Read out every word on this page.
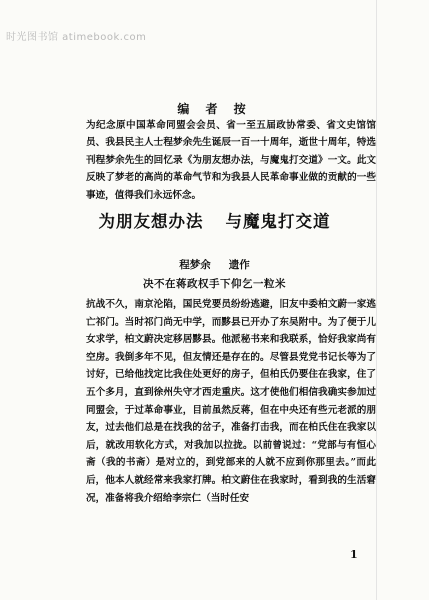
时光图书馆 atimebook.com
编 者 按

为纪念原中国革命同盟会会员、省一至五届政协常委、省文史馆馆员、我县民主人士程梦余先生诞辰一百一十周年，逝世十周年，特选刊程梦余先生的回忆录《为朋友想办法，与魔鬼打交道》一文。此文反映了梦老的高尚的革命气节和为我县人民革命事业做的贡献的一些事迹，值得我们永远怀念。

为朋友想办法 与魔鬼打交道
程梦余 遗作
决不在蒋政权手下仰乞一粒米

抗战不久，南京沦陷，国民党要员纷纷逃避，旧友中委柏文蔚一家逃亡祁门。当时祁门尚无中学，而黟县已开办了东吴附中。为了便于儿女求学，柏文蔚决定移居黟县。他派秘书来和我联系，恰好我家尚有空房。我倒多年不见，但友情还是存在的。尽管县党党书记长等为了讨好，已给他找定比我住处更好的房子，但柏氏仍要住在我家，住了五个多月，直到徐州失守才西走重庆。这才使他们相信我确实参加过同盟会，于过革命事业，目前虽然反蒋，但在中央还有些元老派的朋友，过去他们总是在找我的岔子，准备打击我，而在柏氏住在我家以后，就改用软化方式，对我加以拉拢。以前曾说过：“党部与有恒心斋（我的书斋）是对立的，到党部来的人就不应到你那里去。”而此后，他本人就经常来我家打牌。柏文蔚住在我家时，看到我的生活窘况，准备将我介绍给李宗仁（当时任安

1
